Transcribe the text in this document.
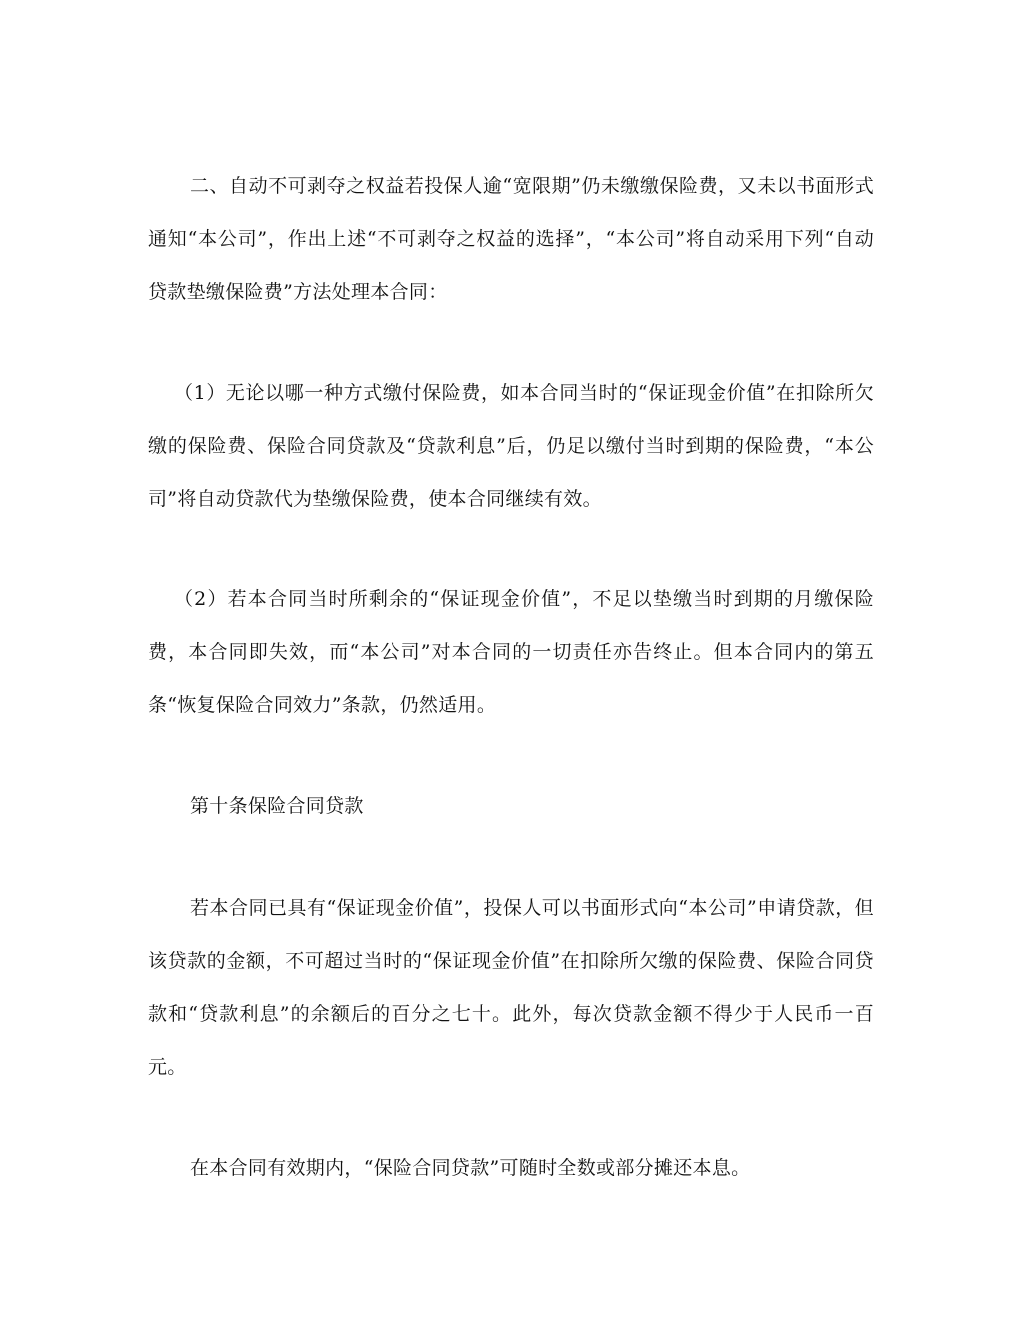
二、自动不可剥夺之权益若投保人逾“宽限期”仍未缴缴保险费，又未以书面形式通知“本公司”，作出上述“不可剥夺之权益的选择”，“本公司”将自动采用下列“自动贷款垫缴保险费”方法处理本合同：

（1）无论以哪一种方式缴付保险费，如本合同当时的“保证现金价值”在扣除所欠缴的保险费、保险合同贷款及“贷款利息”后，仍足以缴付当时到期的保险费，“本公司”将自动贷款代为垫缴保险费，使本合同继续有效。

（2）若本合同当时所剩余的“保证现金价值”，不足以垫缴当时到期的月缴保险费，本合同即失效，而“本公司”对本合同的一切责任亦告终止。但本合同内的第五条“恢复保险合同效力”条款，仍然适用。

第十条保险合同贷款

若本合同已具有“保证现金价值”，投保人可以书面形式向“本公司”申请贷款，但该贷款的金额，不可超过当时的“保证现金价值”在扣除所欠缴的保险费、保险合同贷款和“贷款利息”的余额后的百分之七十。此外，每次贷款金额不得少于人民币一百元。

在本合同有效期内，“保险合同贷款”可随时全数或部分摊还本息。
